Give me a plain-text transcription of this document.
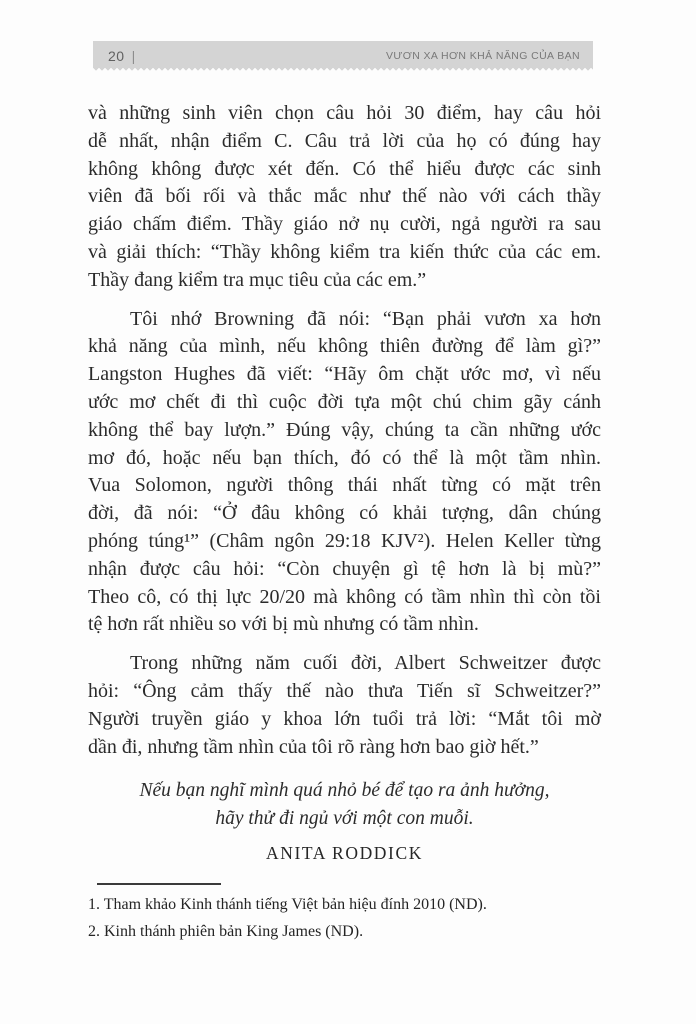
20 |	VƯƠN XA HƠN KHẢ NĂNG CỦA BẠN
và những sinh viên chọn câu hỏi 30 điểm, hay câu hỏi
dễ nhất, nhận điểm C. Câu trả lời của họ có đúng hay
không không được xét đến. Có thể hiểu được các sinh
viên đã bối rối và thắc mắc như thế nào với cách thầy
giáo chấm điểm. Thầy giáo nở nụ cười, ngả người ra sau
và giải thích: “Thầy không kiểm tra kiến thức của các em.
Thầy đang kiểm tra mục tiêu của các em.”
Tôi nhớ Browning đã nói: “Bạn phải vươn xa hơn
khả năng của mình, nếu không thiên đường để làm gì?”
Langston Hughes đã viết: “Hãy ôm chặt ước mơ, vì nếu
ước mơ chết đi thì cuộc đời tựa một chú chim gãy cánh
không thể bay lượn.” Đúng vậy, chúng ta cần những ước
mơ đó, hoặc nếu bạn thích, đó có thể là một tầm nhìn.
Vua Solomon, người thông thái nhất từng có mặt trên
đời, đã nói: “Ở đâu không có khải tượng, dân chúng
phóng túng¹” (Châm ngôn 29:18 KJV²). Helen Keller từng
nhận được câu hỏi: “Còn chuyện gì tệ hơn là bị mù?”
Theo cô, có thị lực 20/20 mà không có tầm nhìn thì còn tồi
tệ hơn rất nhiều so với bị mù nhưng có tầm nhìn.
Trong những năm cuối đời, Albert Schweitzer được
hỏi: “Ông cảm thấy thế nào thưa Tiến sĩ Schweitzer?”
Người truyền giáo y khoa lớn tuổi trả lời: “Mắt tôi mờ
dần đi, nhưng tầm nhìn của tôi rõ ràng hơn bao giờ hết.”
Nếu bạn nghĩ mình quá nhỏ bé để tạo ra ảnh hưởng,
hãy thử đi ngủ với một con muỗi.
ANITA RODDICK
1. Tham khảo Kinh thánh tiếng Việt bản hiệu đính 2010 (ND).
2. Kinh thánh phiên bản King James (ND).
